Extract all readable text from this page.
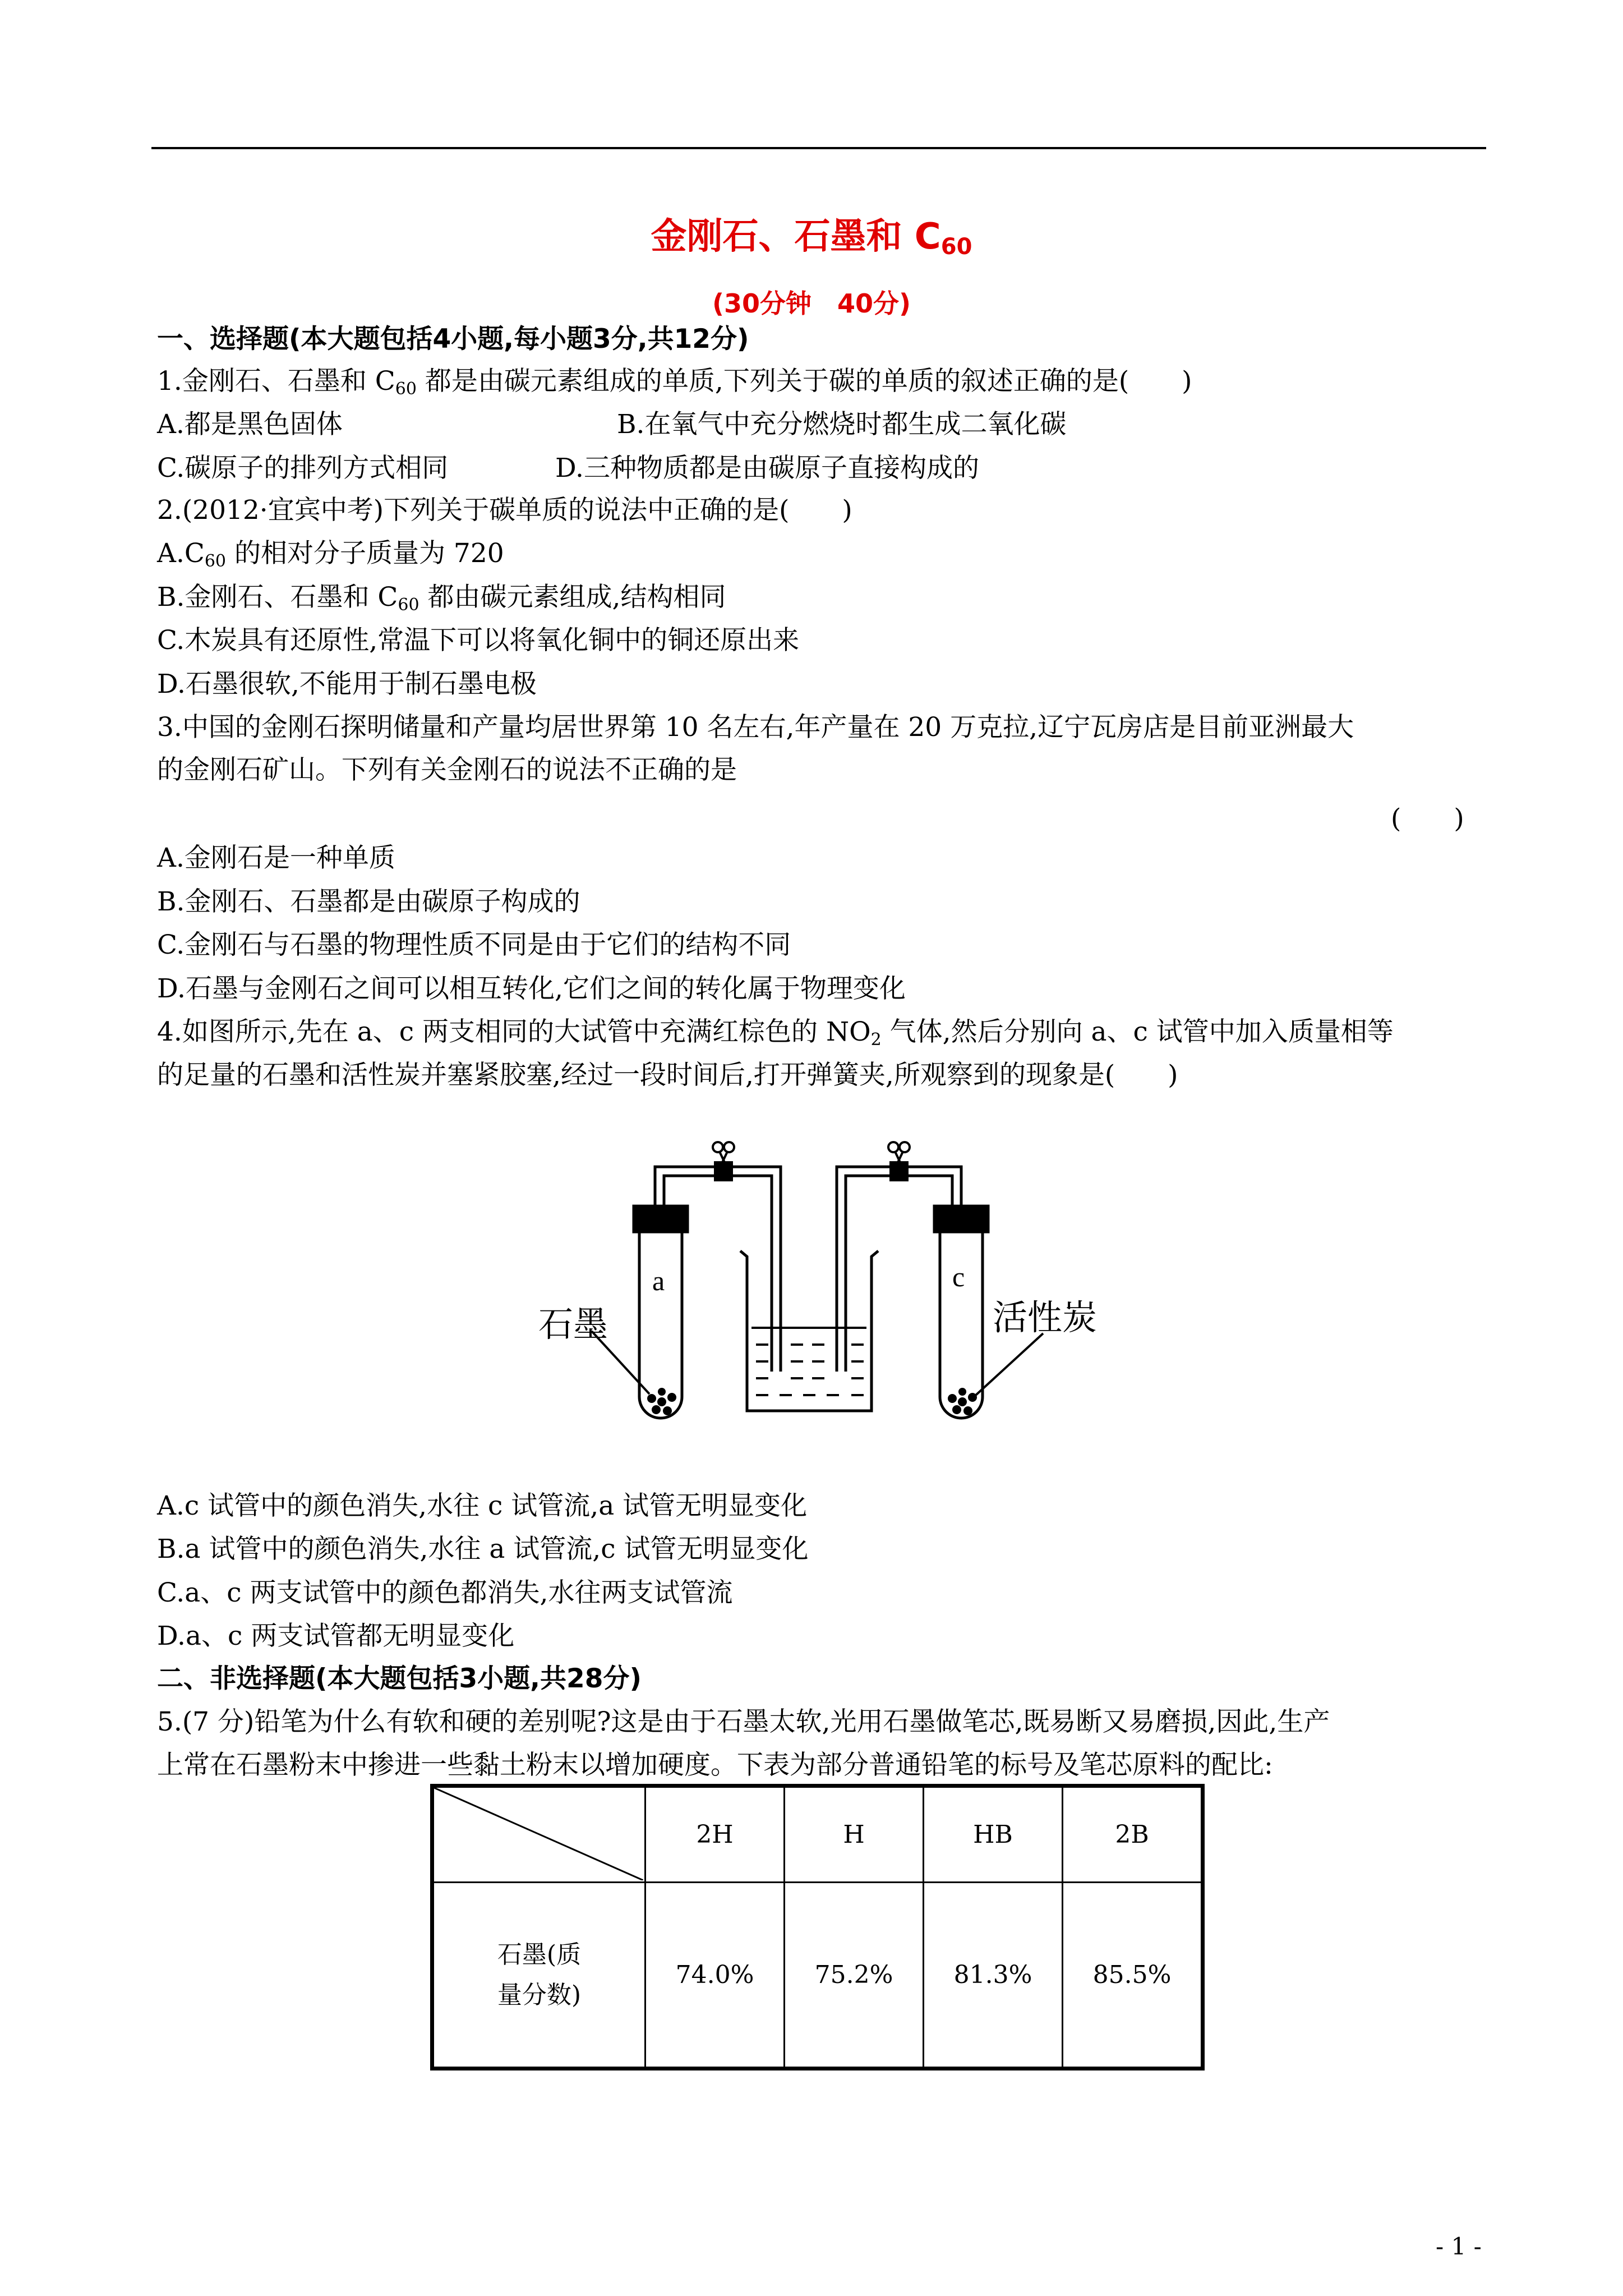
金刚石、石墨和 $C_{60}$
(30分钟　40分)
一、选择题(本大题包括4小题,每小题3分,共12分)
1.金刚石、石墨和 $C_{60}$ 都是由碳元素组成的单质,下列关于碳的单质的叙述正确的是(　　)
A.都是黑色固体	B.在氧气中充分燃烧时都生成二氧化碳
C.碳原子的排列方式相同	D.三种物质都是由碳原子直接构成的
2.(2012·宜宾中考)下列关于碳单质的说法中正确的是(　　)
$A.C_{60}$ 的相对分子质量为 720
B.金刚石、石墨和 $C_{60}$ 都由碳元素组成,结构相同
C.木炭具有还原性,常温下可以将氧化铜中的铜还原出来
D.石墨很软,不能用于制石墨电极
3.中国的金刚石探明储量和产量均居世界第 10 名左右,年产量在 20 万克拉,辽宁瓦房店是目前亚洲最大
的金刚石矿山。下列有关金刚石的说法不正确的是
(　　)
A.金刚石是一种单质
B.金刚石、石墨都是由碳原子构成的
C.金刚石与石墨的物理性质不同是由于它们的结构不同
D.石墨与金刚石之间可以相互转化,它们之间的转化属于物理变化
4.如图所示,先在 a、c 两支相同的大试管中充满红棕色的 $NO_2$ 气体,然后分别向 a、c 试管中加入质量相等
的足量的石墨和活性炭并塞紧胶塞,经过一段时间后,打开弹簧夹,所观察到的现象是(　　)
a	c
石墨	活性炭
A.c 试管中的颜色消失,水往 c 试管流,a 试管无明显变化
B.a 试管中的颜色消失,水往 a 试管流,c 试管无明显变化
C.a、c 两支试管中的颜色都消失,水往两支试管流
D.a、c 两支试管都无明显变化
二、非选择题(本大题包括3小题,共28分)
5.(7 分)铅笔为什么有软和硬的差别呢?这是由于石墨太软,光用石墨做笔芯,既易断又易磨损,因此,生产
上常在石墨粉末中掺进一些黏土粉末以增加硬度。下表为部分普通铅笔的标号及笔芯原料的配比:
	2H	H	HB	2B
石墨(质
量分数)	74.0%	75.2%	81.3%	85.5%
- 1 -
